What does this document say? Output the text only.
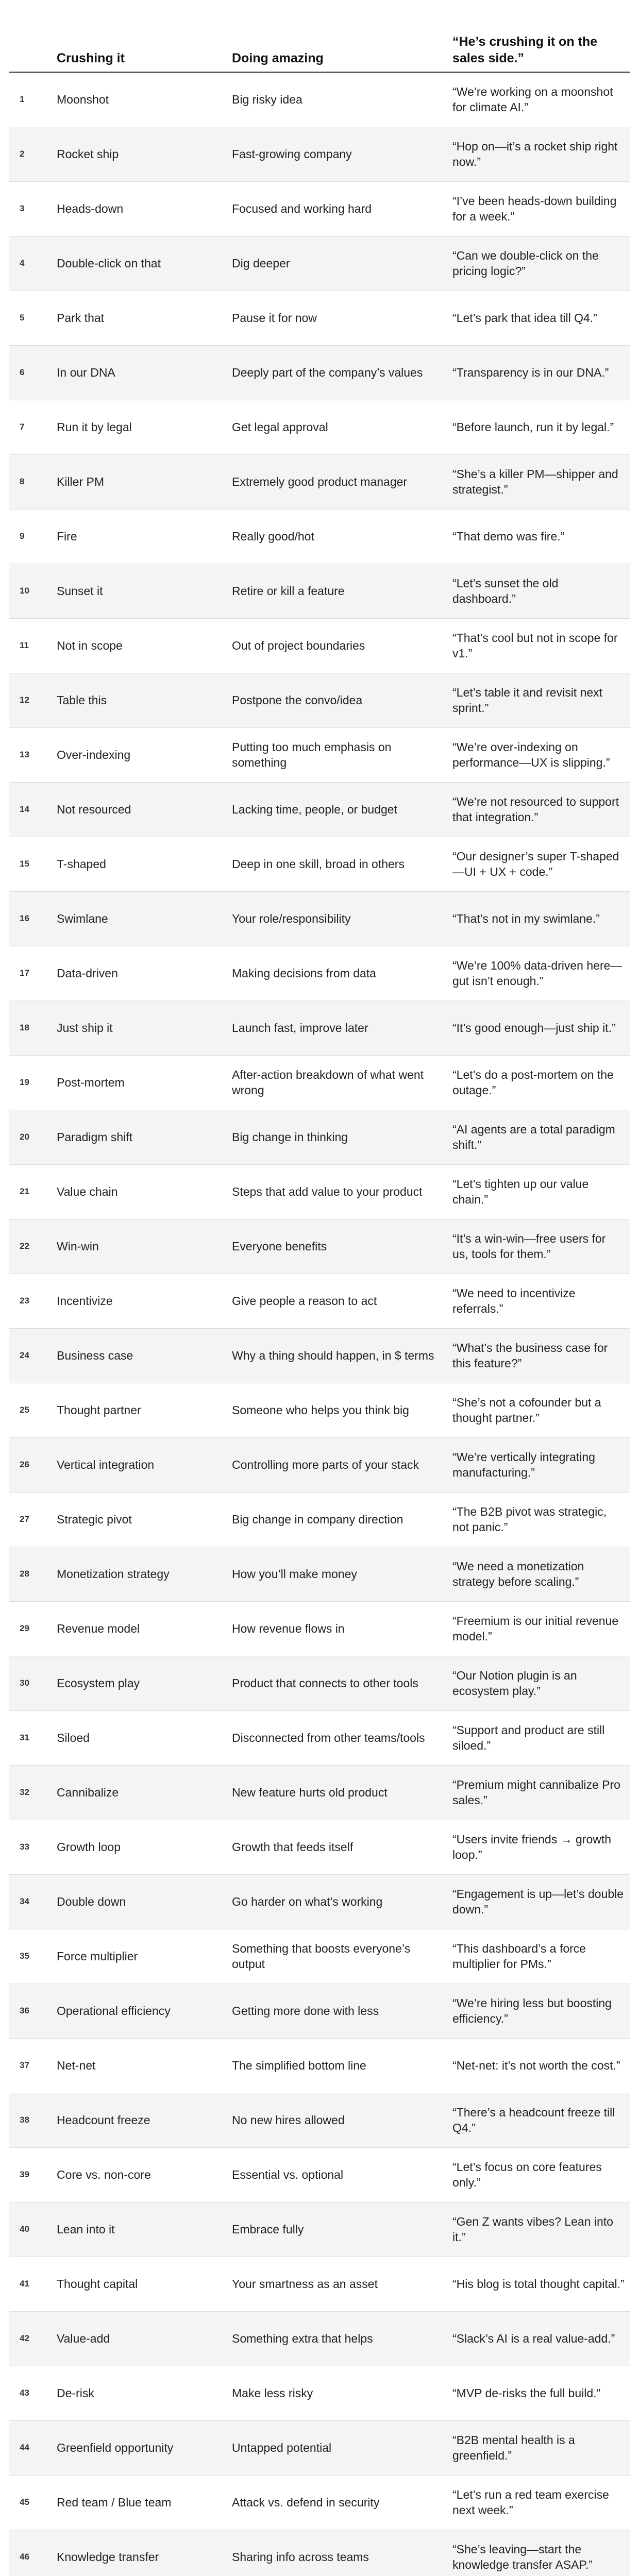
	Crushing it	Doing amazing	“He’s crushing it on the sales side.”
1	Moonshot	Big risky idea	“We’re working on a moonshot for climate AI.”
2	Rocket ship	Fast-growing company	“Hop on—it’s a rocket ship right now.”
3	Heads-down	Focused and working hard	“I’ve been heads-down building for a week.”
4	Double-click on that	Dig deeper	“Can we double-click on the pricing logic?”
5	Park that	Pause it for now	“Let’s park that idea till Q4.”
6	In our DNA	Deeply part of the company’s values	“Transparency is in our DNA.”
7	Run it by legal	Get legal approval	“Before launch, run it by legal.”
8	Killer PM	Extremely good product manager	“She’s a killer PM—shipper and strategist.”
9	Fire	Really good/hot	“That demo was fire.”
10	Sunset it	Retire or kill a feature	“Let’s sunset the old dashboard.”
11	Not in scope	Out of project boundaries	“That’s cool but not in scope for v1.”
12	Table this	Postpone the convo/idea	“Let’s table it and revisit next sprint.”
13	Over-indexing	Putting too much emphasis on something	“We’re over-indexing on performance—UX is slipping.”
14	Not resourced	Lacking time, people, or budget	“We’re not resourced to support that integration.”
15	T-shaped	Deep in one skill, broad in others	“Our designer’s super T-shaped—UI + UX + code.”
16	Swimlane	Your role/responsibility	“That’s not in my swimlane.”
17	Data-driven	Making decisions from data	“We’re 100% data-driven here—gut isn’t enough.”
18	Just ship it	Launch fast, improve later	“It’s good enough—just ship it.”
19	Post-mortem	After-action breakdown of what went wrong	“Let’s do a post-mortem on the outage.”
20	Paradigm shift	Big change in thinking	“AI agents are a total paradigm shift.”
21	Value chain	Steps that add value to your product	“Let’s tighten up our value chain.”
22	Win-win	Everyone benefits	“It’s a win-win—free users for us, tools for them.”
23	Incentivize	Give people a reason to act	“We need to incentivize referrals.”
24	Business case	Why a thing should happen, in $ terms	“What’s the business case for this feature?”
25	Thought partner	Someone who helps you think big	“She’s not a cofounder but a thought partner.”
26	Vertical integration	Controlling more parts of your stack	“We’re vertically integrating manufacturing.”
27	Strategic pivot	Big change in company direction	“The B2B pivot was strategic, not panic.”
28	Monetization strategy	How you’ll make money	“We need a monetization strategy before scaling.”
29	Revenue model	How revenue flows in	“Freemium is our initial revenue model.”
30	Ecosystem play	Product that connects to other tools	“Our Notion plugin is an ecosystem play.”
31	Siloed	Disconnected from other teams/tools	“Support and product are still siloed.”
32	Cannibalize	New feature hurts old product	“Premium might cannibalize Pro sales.”
33	Growth loop	Growth that feeds itself	“Users invite friends → growth loop.”
34	Double down	Go harder on what’s working	“Engagement is up—let’s double down.”
35	Force multiplier	Something that boosts everyone’s output	“This dashboard’s a force multiplier for PMs.”
36	Operational efficiency	Getting more done with less	“We’re hiring less but boosting efficiency.”
37	Net-net	The simplified bottom line	“Net-net: it’s not worth the cost.”
38	Headcount freeze	No new hires allowed	“There’s a headcount freeze till Q4.”
39	Core vs. non-core	Essential vs. optional	“Let’s focus on core features only.”
40	Lean into it	Embrace fully	“Gen Z wants vibes? Lean into it.”
41	Thought capital	Your smartness as an asset	“His blog is total thought capital.”
42	Value-add	Something extra that helps	“Slack’s AI is a real value-add.”
43	De-risk	Make less risky	“MVP de-risks the full build.”
44	Greenfield opportunity	Untapped potential	“B2B mental health is a greenfield.”
45	Red team / Blue team	Attack vs. defend in security	“Let’s run a red team exercise next week.”
46	Knowledge transfer	Sharing info across teams	“She’s leaving—start the knowledge transfer ASAP.”
